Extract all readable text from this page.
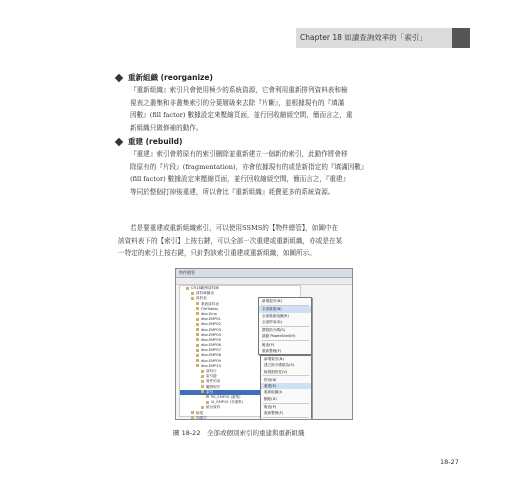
Chapter 18 如讀查詢效率的「索引」
重新組織 (reorganize)

『重新組織』索引只會使用極少的系統資源，它會利用重新排列資料表和檢

視表之叢集和非叢集索引的分葉層級來去除『片斷』，並根據現有的『填滿

因數』(fill factor) 數據設定來壓縮頁面，並行回收縮緩空間，簡而言之，重

新組織只做修補的動作。

重建 (rebuild)

『重建』索引會將原有的索引刪除並重新建立一個新的索引，此動作將會移

除原有的『片段』(fragmentation)，亦會依據現有的或是新指定的『填滿因數』

(fill factor) 數據設定來壓縮頁面，並行回收縮緩空間，簡而言之，『重建』

等同於整個打掉後重建，所以會比『重新組織』耗費更多的系統資源。

若是要重建或重新組織索引，可以使用SSMS的【物件總管】，如圖中在

該資料表下的【索引】上按右鍵，可以全部一次重建或重新組織，亦或是在某

一特定的索引上按右鍵，只針對該索引重建或重新組織，如圖所示。

物件總管
CH18範例資料庫
資料庫圖表
資料表
系統資料表
FileTables
dbo.Emp
dbo.EMP01
dbo.EMP02
dbo.EMP03
dbo.EMP04
dbo.EMP05
dbo.EMP06
dbo.EMP07
dbo.EMP08
dbo.EMP09
dbo.EMP10
資料行
索引鍵
條件約束
觸發程序
索引
PK_EMP10 (叢集)
IX_EMP10 (非叢集)
統計資料
檢視
同義字
新增索引(N)
全部重建(B)
全部重新組織(R)
全部停用(D)
撰寫指令碼(S)
啟動 PowerShell(H)
報表(P)
重新整理(F)
新增索引(N)
建立指令碼做為(S)
檢視相依性(V)
停用(B)
重建(E)
重新組織(I)
刪除(D)
報表(P)
重新整理(F)
圖 18-22　全部或個別索引的重建與重新組織
18-27
